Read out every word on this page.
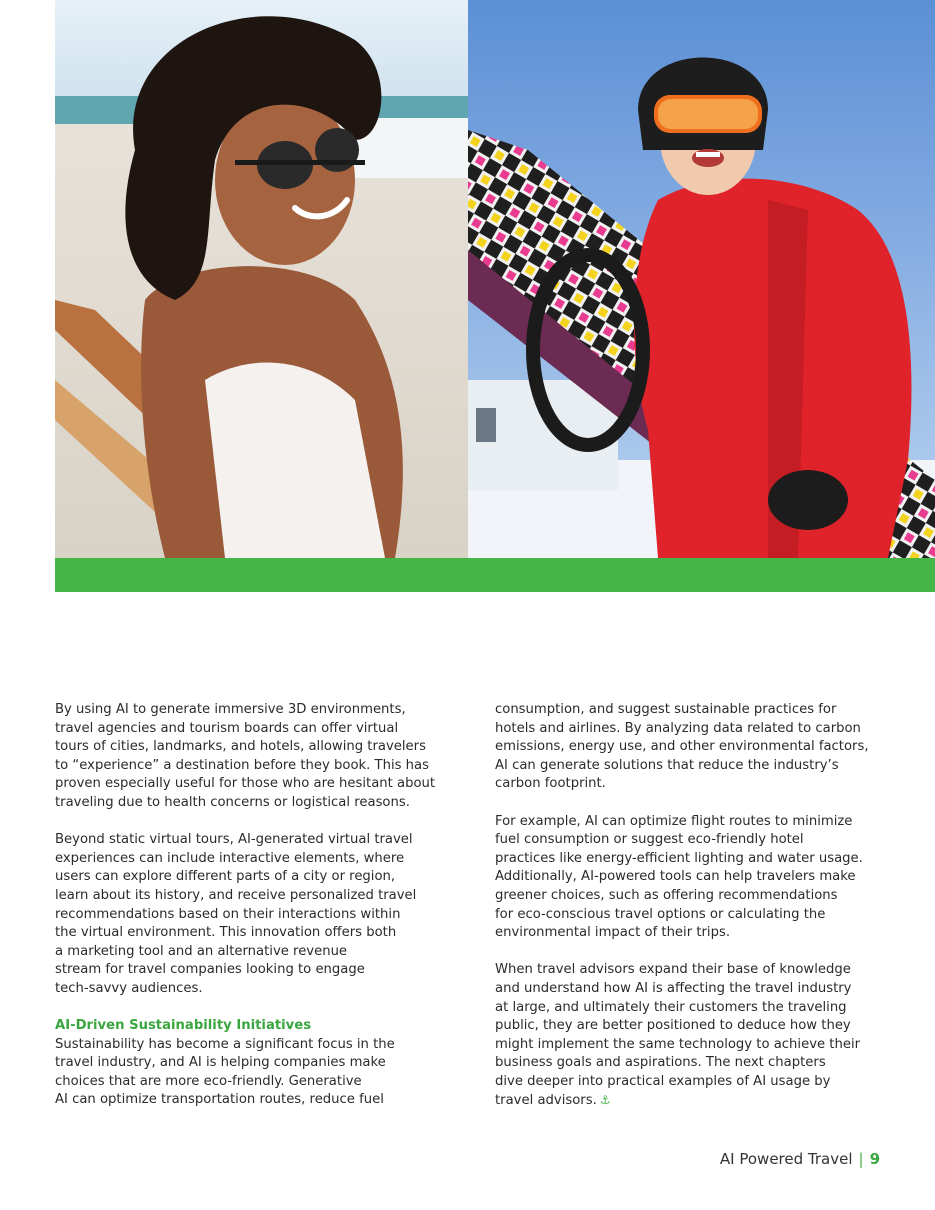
By using AI to generate immersive 3D environments,
travel agencies and tourism boards can offer virtual
tours of cities, landmarks, and hotels, allowing travelers
to “experience” a destination before they book. This has
proven especially useful for those who are hesitant about
traveling due to health concerns or logistical reasons.

Beyond static virtual tours, AI-generated virtual travel
experiences can include interactive elements, where
users can explore different parts of a city or region,
learn about its history, and receive personalized travel
recommendations based on their interactions within
the virtual environment. This innovation offers both
a marketing tool and an alternative revenue
stream for travel companies looking to engage
tech-savvy audiences.

AI-Driven Sustainability Initiatives
Sustainability has become a significant focus in the
travel industry, and AI is helping companies make
choices that are more eco-friendly. Generative
AI can optimize transportation routes, reduce fuel

consumption, and suggest sustainable practices for
hotels and airlines. By analyzing data related to carbon
emissions, energy use, and other environmental factors,
AI can generate solutions that reduce the industry’s
carbon footprint.

For example, AI can optimize flight routes to minimize
fuel consumption or suggest eco-friendly hotel
practices like energy-efficient lighting and water usage.
Additionally, AI-powered tools can help travelers make
greener choices, such as offering recommendations
for eco-conscious travel options or calculating the
environmental impact of their trips.

When travel advisors expand their base of knowledge
and understand how AI is affecting the travel industry
at large, and ultimately their customers the traveling
public, they are better positioned to deduce how they
might implement the same technology to achieve their
business goals and aspirations. The next chapters
dive deeper into practical examples of AI usage by
travel advisors. ⚓

AI Powered Travel | 9
